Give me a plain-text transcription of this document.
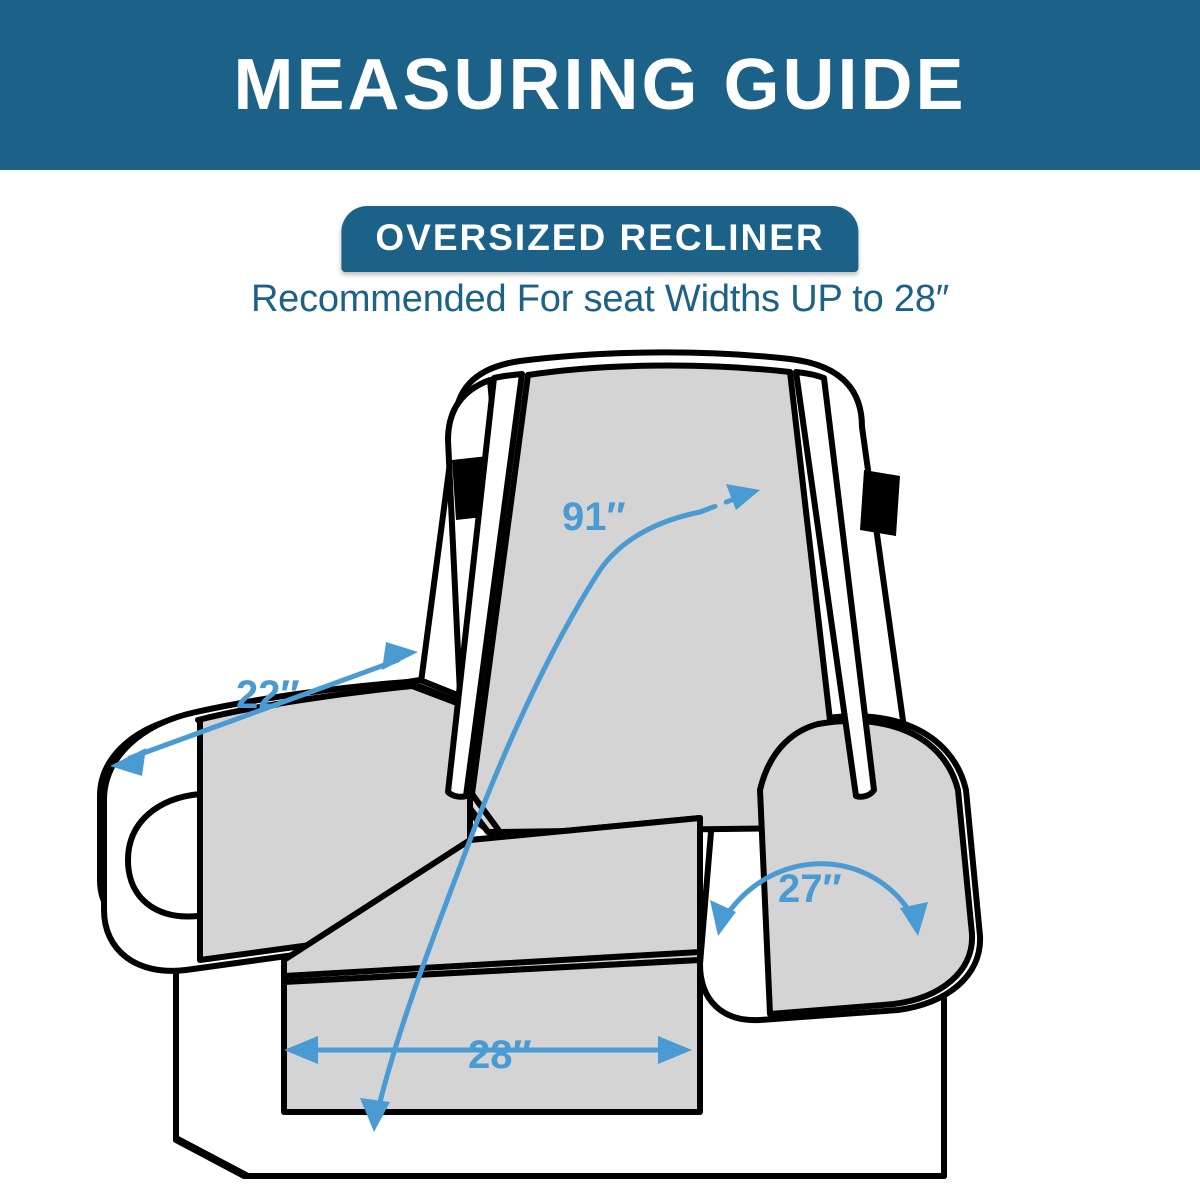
MEASURING GUIDE
OVERSIZED RECLINER
Recommended For seat Widths UP to 28″
91″
22″
27″
28″
